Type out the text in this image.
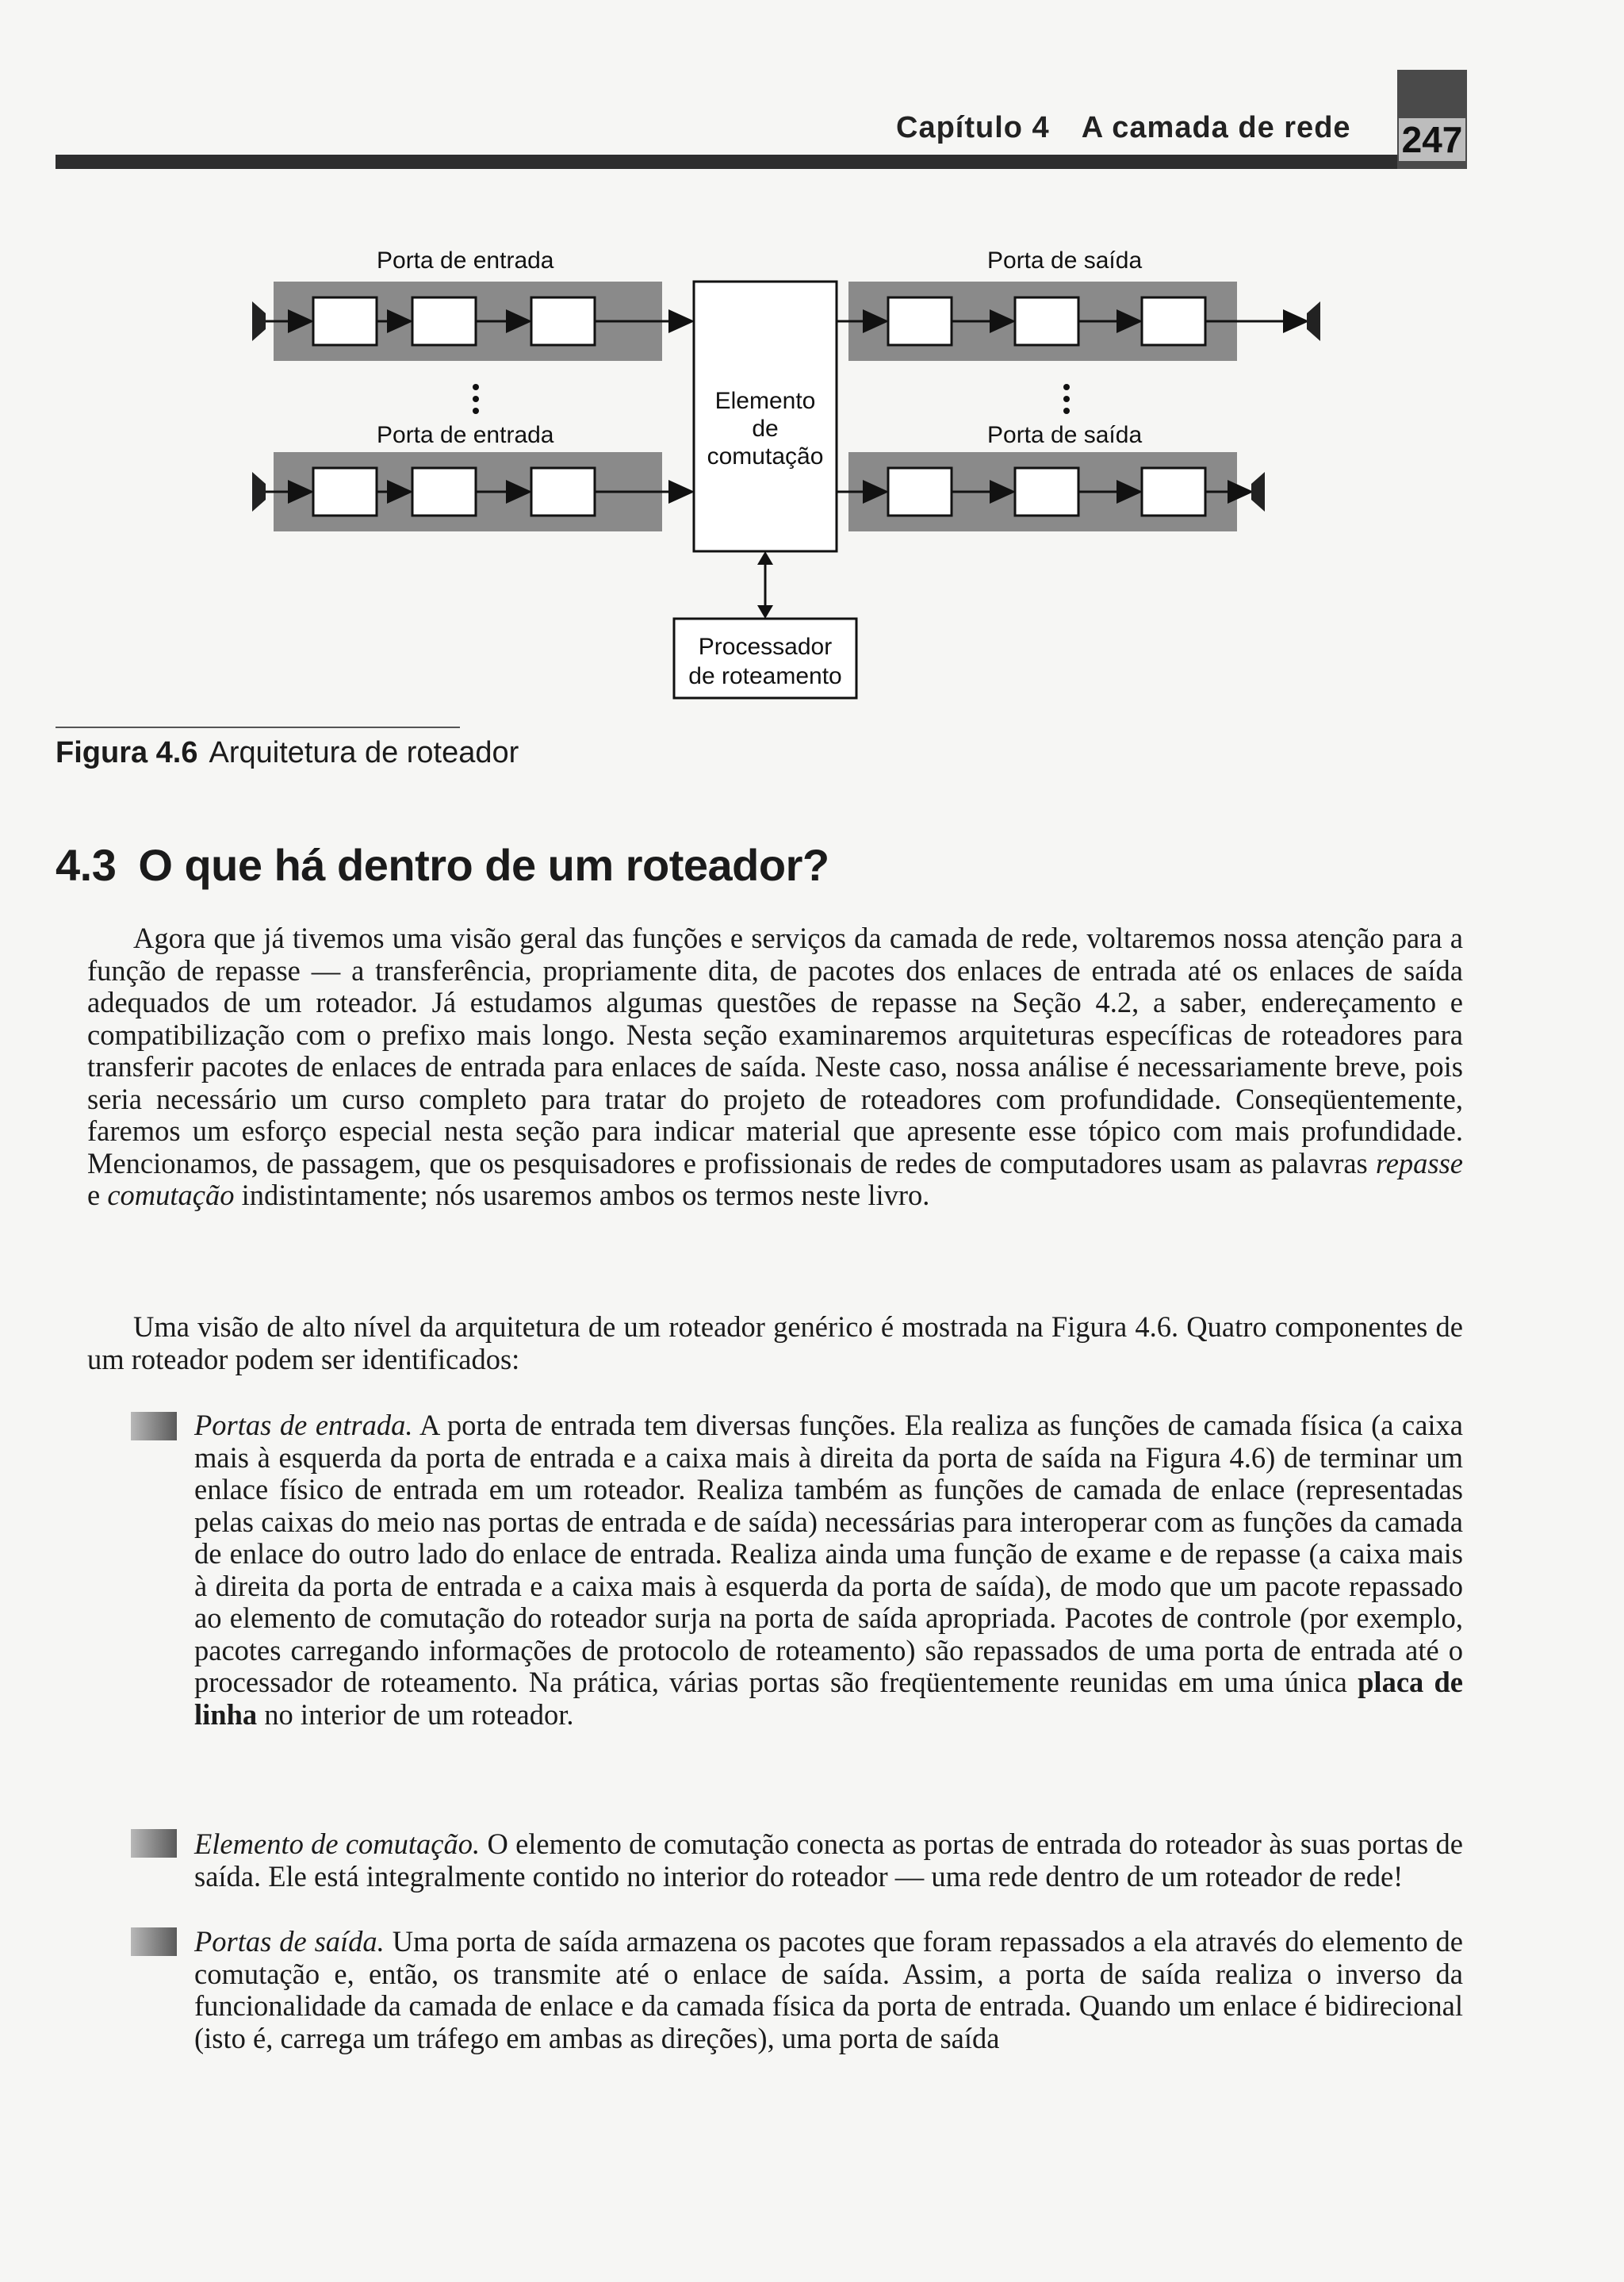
Capítulo 4 A camada de rede 247
Porta de entrada
Porta de entrada
Porta de saída
Porta de saída
Elemento
de
comutação
Processador
de roteamento
Figura 4.6 Arquitetura de roteador
4.3 O que há dentro de um roteador?

Agora que já tivemos uma visão geral das funções e serviços da camada de rede, voltaremos nossa atenção para a função de repasse — a transferência, propriamente dita, de pacotes dos enlaces de entrada até os enlaces de saída adequados de um roteador. Já estudamos algumas questões de repasse na Seção 4.2, a saber, endereçamento e compatibilização com o prefixo mais longo. Nesta seção examinaremos arquiteturas específicas de roteadores para transferir pacotes de enlaces de entrada para enlaces de saída. Neste caso, nossa análise é necessariamente breve, pois seria necessário um curso completo para tratar do projeto de roteadores com profundidade. Conseqüentemente, faremos um esforço especial nesta seção para indicar material que apresente esse tópico com mais profundidade. Mencionamos, de passagem, que os pesquisadores e profissionais de redes de computadores usam as palavras repasse e comutação indistintamente; nós usaremos ambos os termos neste livro.

Uma visão de alto nível da arquitetura de um roteador genérico é mostrada na Figura 4.6. Quatro componentes de um roteador podem ser identificados:

Portas de entrada. A porta de entrada tem diversas funções. Ela realiza as funções de camada física (a caixa mais à esquerda da porta de entrada e a caixa mais à direita da porta de saída na Figura 4.6) de terminar um enlace físico de entrada em um roteador. Realiza também as funções de camada de enlace (representadas pelas caixas do meio nas portas de entrada e de saída) necessárias para interoperar com as funções da camada de enlace do outro lado do enlace de entrada. Realiza ainda uma função de exame e de repasse (a caixa mais à direita da porta de entrada e a caixa mais à esquerda da porta de saída), de modo que um pacote repassado ao elemento de comutação do roteador surja na porta de saída apropriada. Pacotes de controle (por exemplo, pacotes carregando informações de protocolo de roteamento) são repassados de uma porta de entrada até o processador de roteamento. Na prática, várias portas são freqüentemente reunidas em uma única placa de linha no interior de um roteador.

Elemento de comutação. O elemento de comutação conecta as portas de entrada do roteador às suas portas de saída. Ele está integralmente contido no interior do roteador — uma rede dentro de um roteador de rede!

Portas de saída. Uma porta de saída armazena os pacotes que foram repassados a ela através do elemento de comutação e, então, os transmite até o enlace de saída. Assim, a porta de saída realiza o inverso da funcionalidade da camada de enlace e da camada física da porta de entrada. Quando um enlace é bidirecional (isto é, carrega um tráfego em ambas as direções), uma porta de saída
